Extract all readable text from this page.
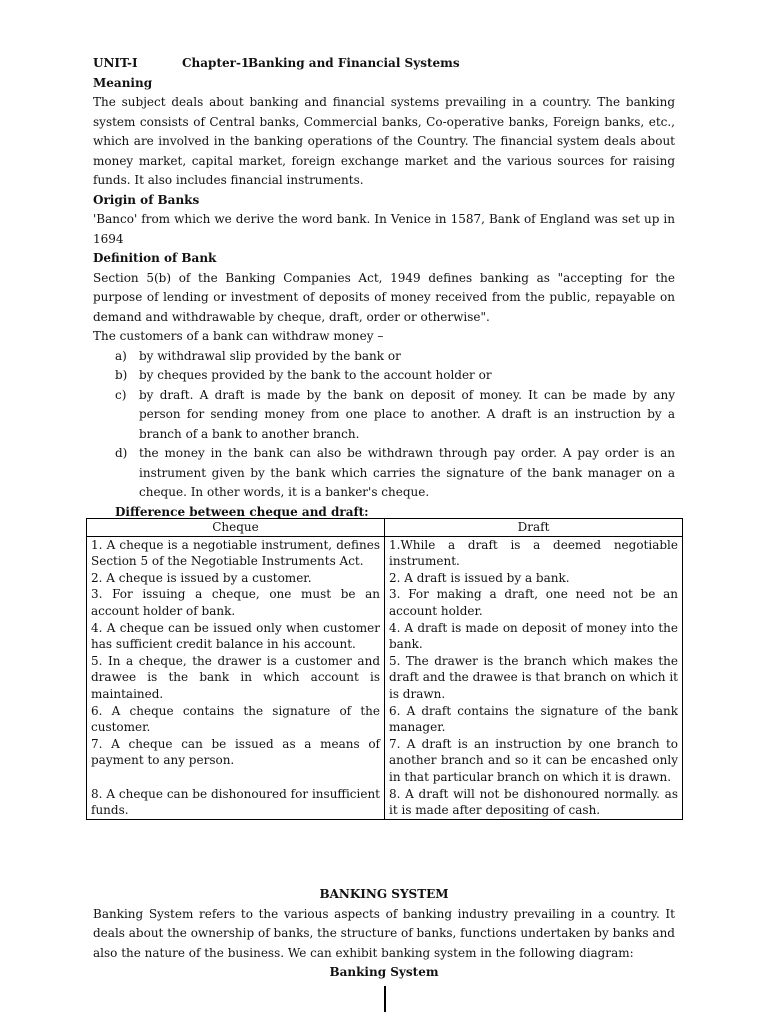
UNIT-I	Chapter-1Banking and Financial Systems
Meaning
The subject deals about banking and financial systems prevailing in a country. The banking system consists of Central banks, Commercial banks, Co-operative banks, Foreign banks, etc., which are involved in the banking operations of the Country. The financial system deals about money market, capital market, foreign exchange market and the various sources for raising funds. It also includes financial instruments.
Origin of Banks
'Banco' from which we derive the word bank. In Venice in 1587, Bank of England was set up in 1694
Definition of Bank
Section 5(b) of the Banking Companies Act, 1949 defines banking as "accepting for the purpose of lending or investment of deposits of money received from the public, repayable on demand and withdrawable by cheque, draft, order or otherwise".
The customers of a bank can withdraw money –
a) by withdrawal slip provided by the bank or
b) by cheques provided by the bank to the account holder or
c) by draft. A draft is made by the bank on deposit of money. It can be made by any person for sending money from one place to another. A draft is an instruction by a branch of a bank to another branch.
d) the money in the bank can also be withdrawn through pay order. A pay order is an instrument given by the bank which carries the signature of the bank manager on a cheque. In other words, it is a banker's cheque.
Difference between cheque and draft:
Cheque	Draft
1. A cheque is a negotiable instrument, defines Section 5 of the Negotiable Instruments Act.	1.While a draft is a deemed negotiable instrument.
2. A cheque is issued by a customer.	2. A draft is issued by a bank.
3. For issuing a cheque, one must be an account holder of bank.	3. For making a draft, one need not be an account holder.
4. A cheque can be issued only when customer has sufficient credit balance in his account.	4. A draft is made on deposit of money into the bank.
5. In a cheque, the drawer is a customer and drawee is the bank in which account is maintained.	5. The drawer is the branch which makes the draft and the drawee is that branch on which it is drawn.
6. A cheque contains the signature of the customer.	6. A draft contains the signature of the bank manager.
7. A cheque can be issued as a means of payment to any person.	7. A draft is an instruction by one branch to another branch and so it can be encashed only in that particular branch on which it is drawn.
8. A cheque can be dishonoured for insufficient funds.	8. A draft will not be dishonoured normally. as it is made after depositing of cash.
BANKING SYSTEM
Banking System refers to the various aspects of banking industry prevailing in a country. It deals about the ownership of banks, the structure of banks, functions undertaken by banks and also the nature of the business. We can exhibit banking system in the following diagram:
Banking System
